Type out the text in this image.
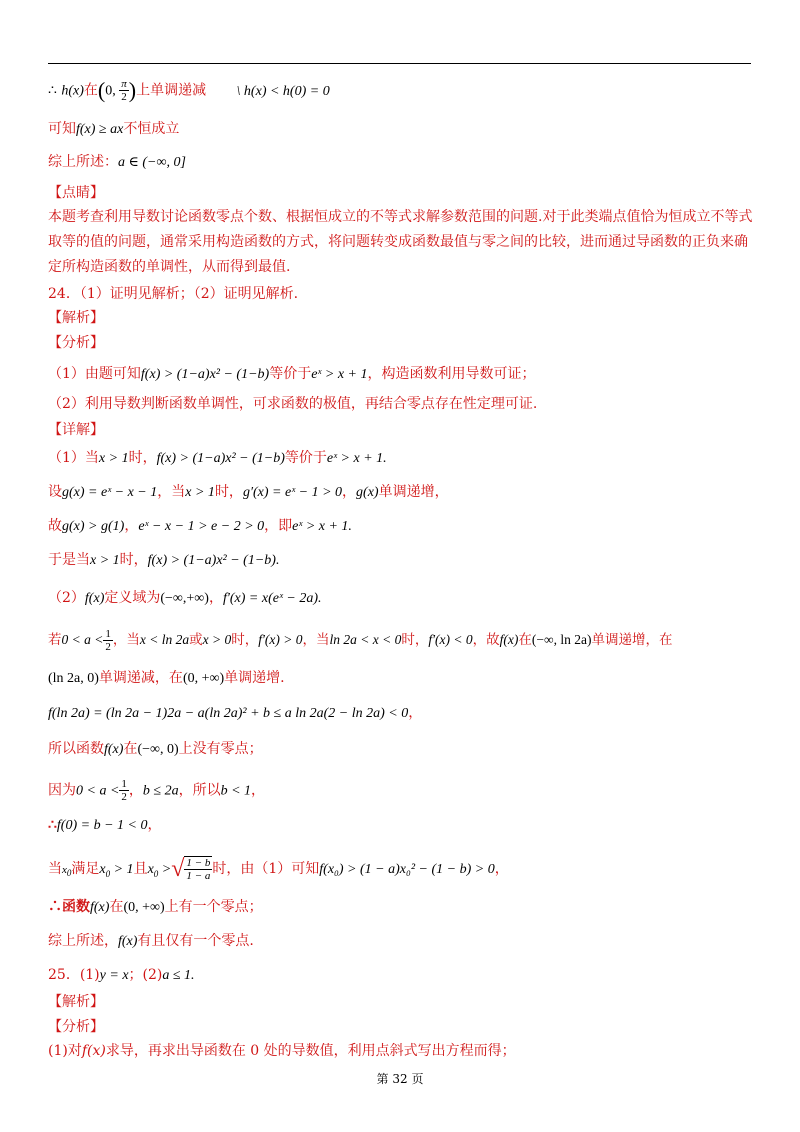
∴ h(x)在(0, $\frac{\pi}{2}$ )上单调递减 \ h(x) < h(0) = 0
可知f(x) ≥ ax不恒成立
综上所述：a ∈ (−∞, 0]
【点睛】
本题考查利用导数讨论函数零点个数、根据恒成立的不等式求解参数范围的问题.对于此类端点值恰为恒成立不等式取等的值的问题，通常采用构造函数的方式，将问题转变成函数最值与零之间的比较，进而通过导函数的正负来确定所构造函数的单调性，从而得到最值.
24．（1）证明见解析；（2）证明见解析.
【解析】
【分析】
（1）由题可知f(x) > (1−a)x² − (1−b)等价于eˣ > x + 1，构造函数利用导数可证；
（2）利用导数判断函数单调性，可求函数的极值，再结合零点存在性定理可证.
【详解】
（1）当x > 1时，f(x) > (1−a)x² − (1−b)等价于eˣ > x + 1.
设g(x) = eˣ − x − 1，当x > 1时，g′(x) = eˣ − 1 > 0，g(x)单调递增，
故g(x) > g(1)，eˣ − x − 1 > e − 2 > 0，即eˣ > x + 1.
于是当x > 1时，f(x) > (1−a)x² − (1−b).
（2）f(x)定义域为(−∞,+∞)，f′(x) = x(eˣ − 2a).
若$0 < a < \frac{1}{2}$ ，当x < ln 2a或x > 0时，f′(x) > 0，当ln 2a < x < 0时，f′(x) < 0，故f(x)在(−∞, ln 2a)单调递增，在
(ln 2a, 0)单调递减，在(0, +∞)单调递增.
f(ln 2a) = (ln 2a − 1)2a − a(ln 2a)² + b ≤ a ln 2a(2 − ln 2a) < 0，
所以函数f(x)在(−∞, 0)上没有零点；
因为$0 < a < \frac{1}{2}$ ，b ≤ 2a，所以b < 1，
∴f(0) = b − 1 < 0，
当$x_0$满足$x_0 > 1$且$x_0$ >√ $\frac{1 - b}{1 - a}$ 时，由（1）可知f(x₀) > (1 − a)x₀² − (1 − b) > 0，
∴函数f(x)在(0, +∞)上有一个零点；
综上所述，f(x)有且仅有一个零点.
25．(1)y = x；(2)a ≤ 1.
【解析】
【分析】
(1)对f(x)求导，再求出导函数在 0 处的导数值，利用点斜式写出方程而得；
第 32 页
